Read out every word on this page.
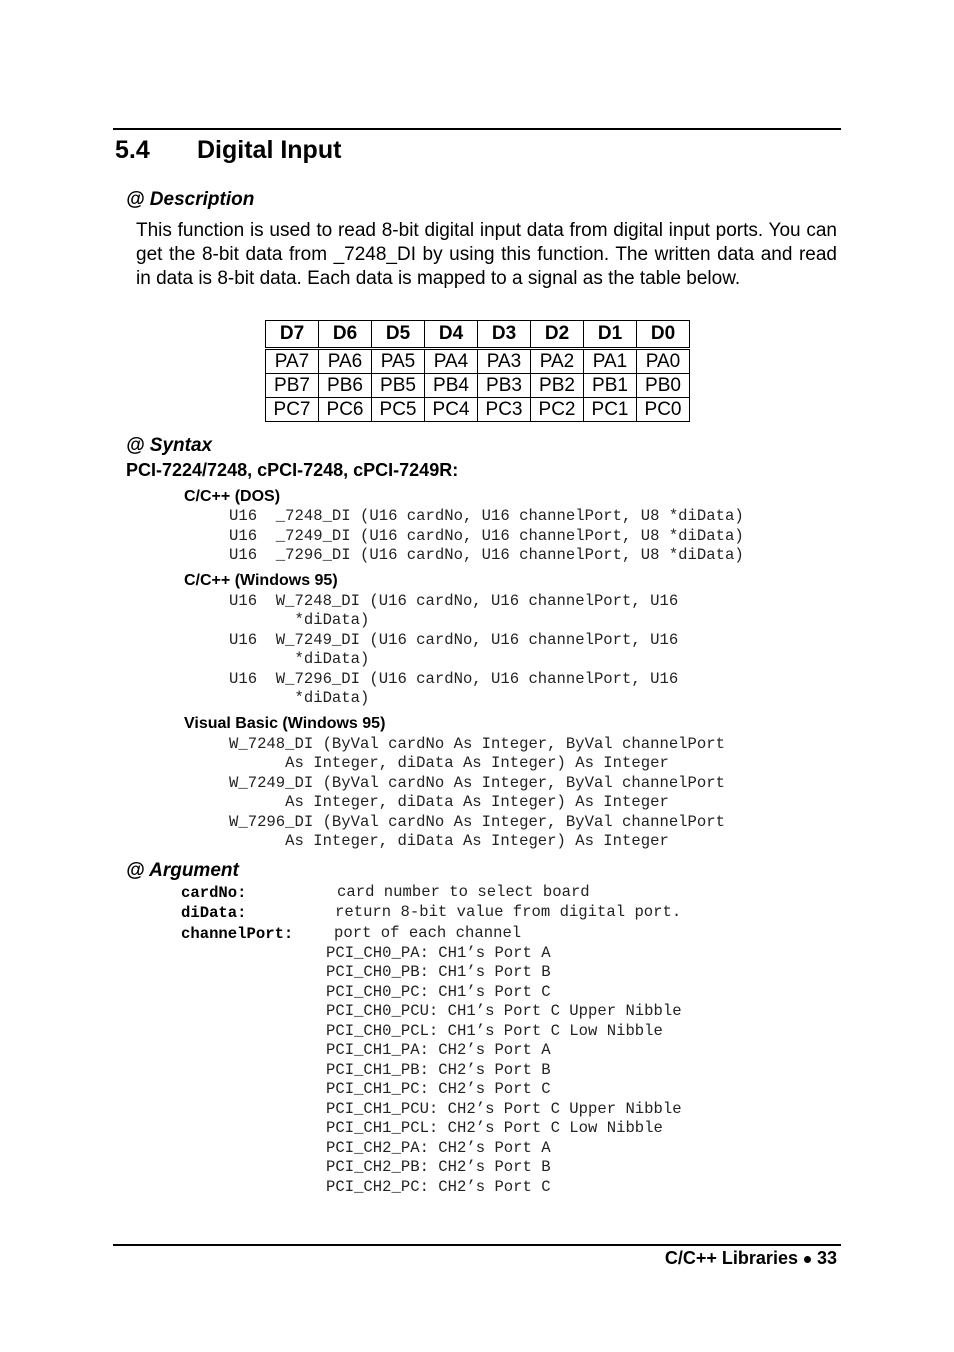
5.4 Digital Input
@ Description

This function is used to read 8-bit digital input data from digital input ports. You can get the 8-bit data from _7248_DI by using this function. The written data and read in data is 8-bit data. Each data is mapped to a signal as the table below.

D7	D6	D5	D4	D3	D2	D1	D0
PA7	PA6	PA5	PA4	PA3	PA2	PA1	PA0
PB7	PB6	PB5	PB4	PB3	PB2	PB1	PB0
PC7	PC6	PC5	PC4	PC3	PC2	PC1	PC0
@ Syntax
PCI-7224/7248, cPCI-7248, cPCI-7249R:
C/C++ (DOS)
U16  _7248_DI (U16 cardNo, U16 channelPort, U8 *diData)
U16  _7249_DI (U16 cardNo, U16 channelPort, U8 *diData)
U16  _7296_DI (U16 cardNo, U16 channelPort, U8 *diData)
C/C++ (Windows 95)
U16  W_7248_DI (U16 cardNo, U16 channelPort, U16
*diData)
U16  W_7249_DI (U16 cardNo, U16 channelPort, U16
*diData)
U16  W_7296_DI (U16 cardNo, U16 channelPort, U16
*diData)
Visual Basic (Windows 95)
W_7248_DI (ByVal cardNo As Integer, ByVal channelPort
As Integer, diData As Integer) As Integer
W_7249_DI (ByVal cardNo As Integer, ByVal channelPort
As Integer, diData As Integer) As Integer
W_7296_DI (ByVal cardNo As Integer, ByVal channelPort
As Integer, diData As Integer) As Integer
@ Argument
cardNo:	card number to select board
diData:	return 8-bit value from digital port.
channelPort:	port of each channel
PCI_CH0_PA: CH1’s Port A
PCI_CH0_PB: CH1’s Port B
PCI_CH0_PC: CH1’s Port C
PCI_CH0_PCU: CH1’s Port C Upper Nibble
PCI_CH0_PCL: CH1’s Port C Low Nibble
PCI_CH1_PA: CH2’s Port A
PCI_CH1_PB: CH2’s Port B
PCI_CH1_PC: CH2’s Port C
PCI_CH1_PCU: CH2’s Port C Upper Nibble
PCI_CH1_PCL: CH2’s Port C Low Nibble
PCI_CH2_PA: CH2’s Port A
PCI_CH2_PB: CH2’s Port B
PCI_CH2_PC: CH2’s Port C
C/C++ Libraries 33
